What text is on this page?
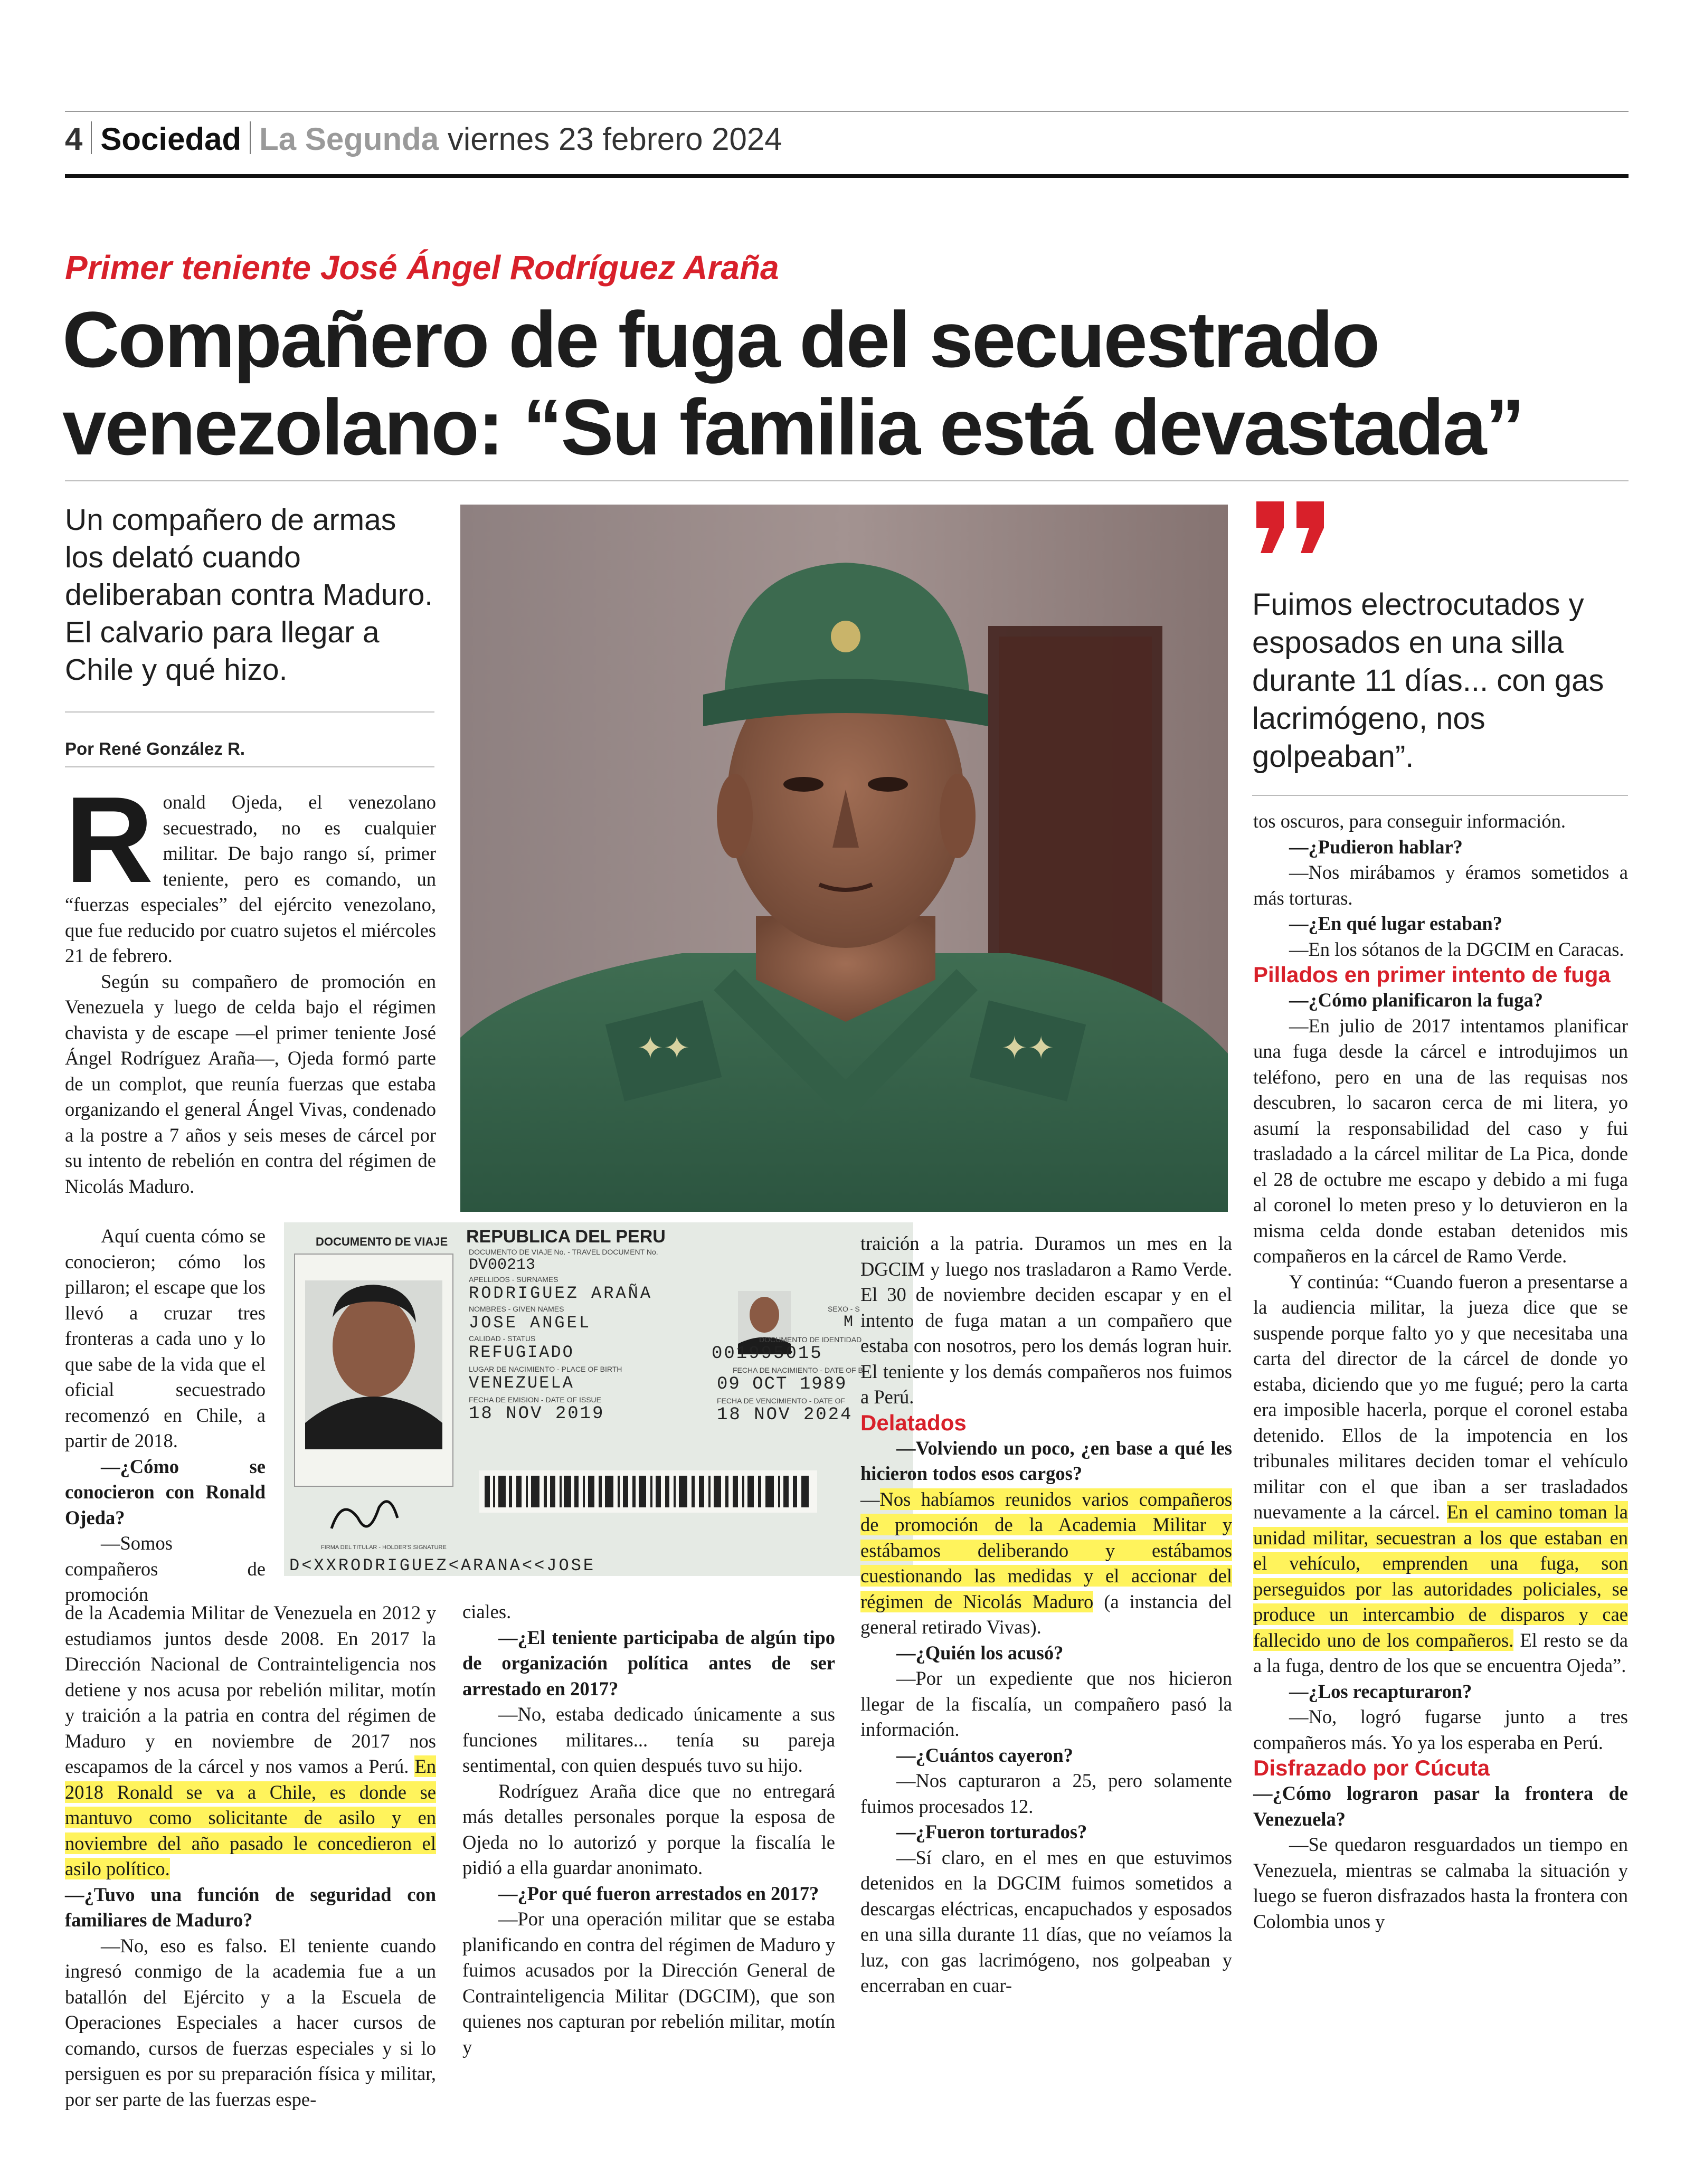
4 Sociedad La Segunda viernes 23 febrero 2024
Primer teniente José Ángel Rodríguez Araña
Compañero de fuga del secuestrado venezolano: “Su familia está devastada”
Un compañero de armas los delató cuando deliberaban contra Maduro. El calvario para llegar a Chile y qué hizo.
Por René González R.
✦✦	✦✦
Fuimos electrocutados y esposados en una silla durante 11 días... con gas lacrimógeno, nos golpeaban”.

Ronald Ojeda, el venezolano secuestrado, no es cualquier militar. De bajo rango sí, primer teniente, pero es comando, un “fuerzas especiales” del ejército venezolano, que fue reducido por cuatro sujetos el miércoles 21 de febrero.

Según su compañero de promoción en Venezuela y luego de celda bajo el régimen chavista y de escape —el primer teniente José Ángel Rodríguez Araña—, Ojeda formó parte de un complot, que reunía fuerzas que estaba organizando el general Ángel Vivas, condenado a la postre a 7 años y seis meses de cárcel por su intento de rebelión en contra del régimen de Nicolás Maduro.

Aquí cuenta cómo se conocieron; cómo los pillaron; el escape que los llevó a cruzar tres fronteras a cada uno y lo que sabe de la vida que el oficial secuestrado recomenzó en Chile, a partir de 2018.

—¿Cómo se conocieron con Ronald Ojeda?

—Somos compañeros de promoción

de la Academia Militar de Venezuela en 2012 y estudiamos juntos desde 2008. En 2017 la Dirección Nacional de Contrainteligencia nos detiene y nos acusa por rebelión militar, motín y traición a la patria en contra del régimen de Maduro y en noviembre de 2017 nos escapamos de la cárcel y nos vamos a Perú. En 2018 Ronald se va a Chile, es donde se mantuvo como solicitante de asilo y en noviembre del año pasado le concedieron el asilo político.

—¿Tuvo una función de seguridad con familiares de Maduro?

—No, eso es falso. El teniente cuando ingresó conmigo de la academia fue a un batallón del Ejército y a la Escuela de Operaciones Especiales a hacer cursos de comando, cursos de fuerzas especiales y si lo persiguen es por su preparación física y militar, por ser parte de las fuerzas espe-

DOCUMENTO DE VIAJE REPUBLICA DEL PERU
DOCUMENTO DE VIAJE No. - TRAVEL DOCUMENT No.
DV00213
APELLIDOS - SURNAMES
RODRIGUEZ ARAÑA
NOMBRES - GIVEN NAMES
JOSE ANGEL
SEXO - S
M
CALIDAD - STATUS
REFUGIADO
DOCUMENTO DE IDENTIDAD
001995015
LUGAR DE NACIMIENTO - PLACE OF BIRTH
VENEZUELA
FECHA DE NACIMIENTO - DATE OF B
09 OCT 1989
FECHA DE EMISION - DATE OF ISSUE
18 NOV 2019
FECHA DE VENCIMIENTO - DATE OF
18 NOV 2024
FIRMA DEL TITULAR - HOLDER'S SIGNATURE
D<XXRODRIGUEZ<ARANA<<JOSE

ciales.

—¿El teniente participaba de algún tipo de organización política antes de ser arrestado en 2017?

—No, estaba dedicado únicamente a sus funciones militares... tenía su pareja sentimental, con quien después tuvo su hijo.

Rodríguez Araña dice que no entregará más detalles personales porque la esposa de Ojeda no lo autorizó y porque la fiscalía le pidió a ella guardar anonimato.

—¿Por qué fueron arrestados en 2017?

—Por una operación militar que se estaba planificando en contra del régimen de Maduro y fuimos acusados por la Dirección General de Contrainteligencia Militar (DGCIM), que son quienes nos capturan por rebelión militar, motín y

traición a la patria. Duramos un mes en la DGCIM y luego nos trasladaron a Ramo Verde. El 30 de noviembre deciden escapar y en el intento de fuga matan a un compañero que estaba con nosotros, pero los demás logran huir. El teniente y los demás compañeros nos fuimos a Perú.

Delatados

—Volviendo un poco, ¿en base a qué les hicieron todos esos cargos?

—Nos habíamos reunidos varios compañeros de promoción de la Academia Militar y estábamos deliberando y estábamos cuestionando las medidas y el accionar del régimen de Nicolás Maduro (a instancia del general retirado Vivas).

—¿Quién los acusó?

—Por un expediente que nos hicieron llegar de la fiscalía, un compañero pasó la información.

—¿Cuántos cayeron?

—Nos capturaron a 25, pero solamente fuimos procesados 12.

—¿Fueron torturados?

—Sí claro, en el mes en que estuvimos detenidos en la DGCIM fuimos sometidos a descargas eléctricas, encapuchados y esposados en una silla durante 11 días, que no veíamos la luz, con gas lacrimógeno, nos golpeaban y encerraban en cuar-

tos oscuros, para conseguir información.

—¿Pudieron hablar?

—Nos mirábamos y éramos sometidos a más torturas.

—¿En qué lugar estaban?

—En los sótanos de la DGCIM en Caracas.

Pillados en primer intento de fuga

—¿Cómo planificaron la fuga?

—En julio de 2017 intentamos planificar una fuga desde la cárcel e introdujimos un teléfono, pero en una de las requisas nos descubren, lo sacaron cerca de mi litera, yo asumí la responsabilidad del caso y fui trasladado a la cárcel militar de La Pica, donde el 28 de octubre me escapo y debido a mi fuga al coronel lo meten preso y lo detuvieron en la misma celda donde estaban detenidos mis compañeros en la cárcel de Ramo Verde.

Y continúa: “Cuando fueron a presentarse a la audiencia militar, la jueza dice que se suspende porque falto yo y que necesitaba una carta del director de la cárcel de donde yo estaba, diciendo que yo me fugué; pero la carta era imposible hacerla, porque el coronel estaba detenido. Ellos de la impotencia en los tribunales militares deciden tomar el vehículo militar con el que iban a ser trasladados nuevamente a la cárcel. En el camino toman la unidad militar, secuestran a los que estaban en el vehículo, emprenden una fuga, son perseguidos por las autoridades policiales, se produce un intercambio de disparos y cae fallecido uno de los compañeros. El resto se da a la fuga, dentro de los que se encuentra Ojeda”.

—¿Los recapturaron?

—No, logró fugarse junto a tres compañeros más. Yo ya los esperaba en Perú.

Disfrazado por Cúcuta

—¿Cómo lograron pasar la frontera de Venezuela?

—Se quedaron resguardados un tiempo en Venezuela, mientras se calmaba la situación y luego se fueron disfrazados hasta la frontera con Colombia unos y
